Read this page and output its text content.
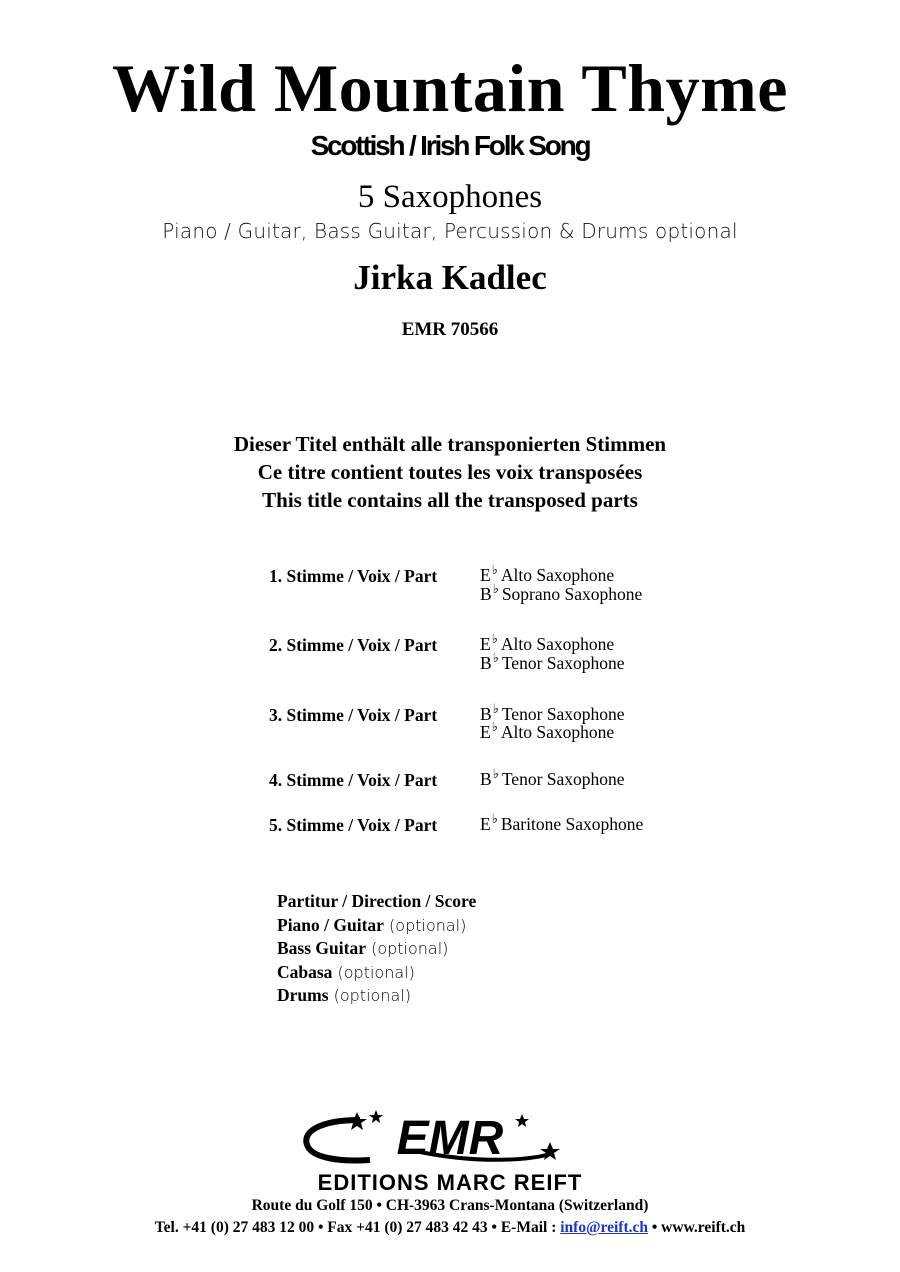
Wild Mountain Thyme
Scottish / Irish Folk Song
5 Saxophones
Piano / Guitar, Bass Guitar, Percussion & Drums optional
Jirka Kadlec
EMR 70566
Dieser Titel enthält alle transponierten Stimmen
Ce titre contient toutes les voix transposées
This title contains all the transposed parts
1. Stimme / Voix / Part E♭ Alto Saxophone
B♭ Soprano Saxophone
2. Stimme / Voix / Part E♭ Alto Saxophone
B♭ Tenor Saxophone
3. Stimme / Voix / Part B♭ Tenor Saxophone
E♭ Alto Saxophone
4. Stimme / Voix / Part B♭ Tenor Saxophone
5. Stimme / Voix / Part E♭ Baritone Saxophone
Partitur / Direction / Score
Piano / Guitar (optional)
Bass Guitar (optional)
Cabasa (optional)
Drums (optional)
EMR
EDITIONS MARC REIFT
Route du Golf 150 • CH-3963 Crans-Montana (Switzerland)
Tel. +41 (0) 27 483 12 00 • Fax +41 (0) 27 483 42 43 • E-Mail : info@reift.ch • www.reift.ch
